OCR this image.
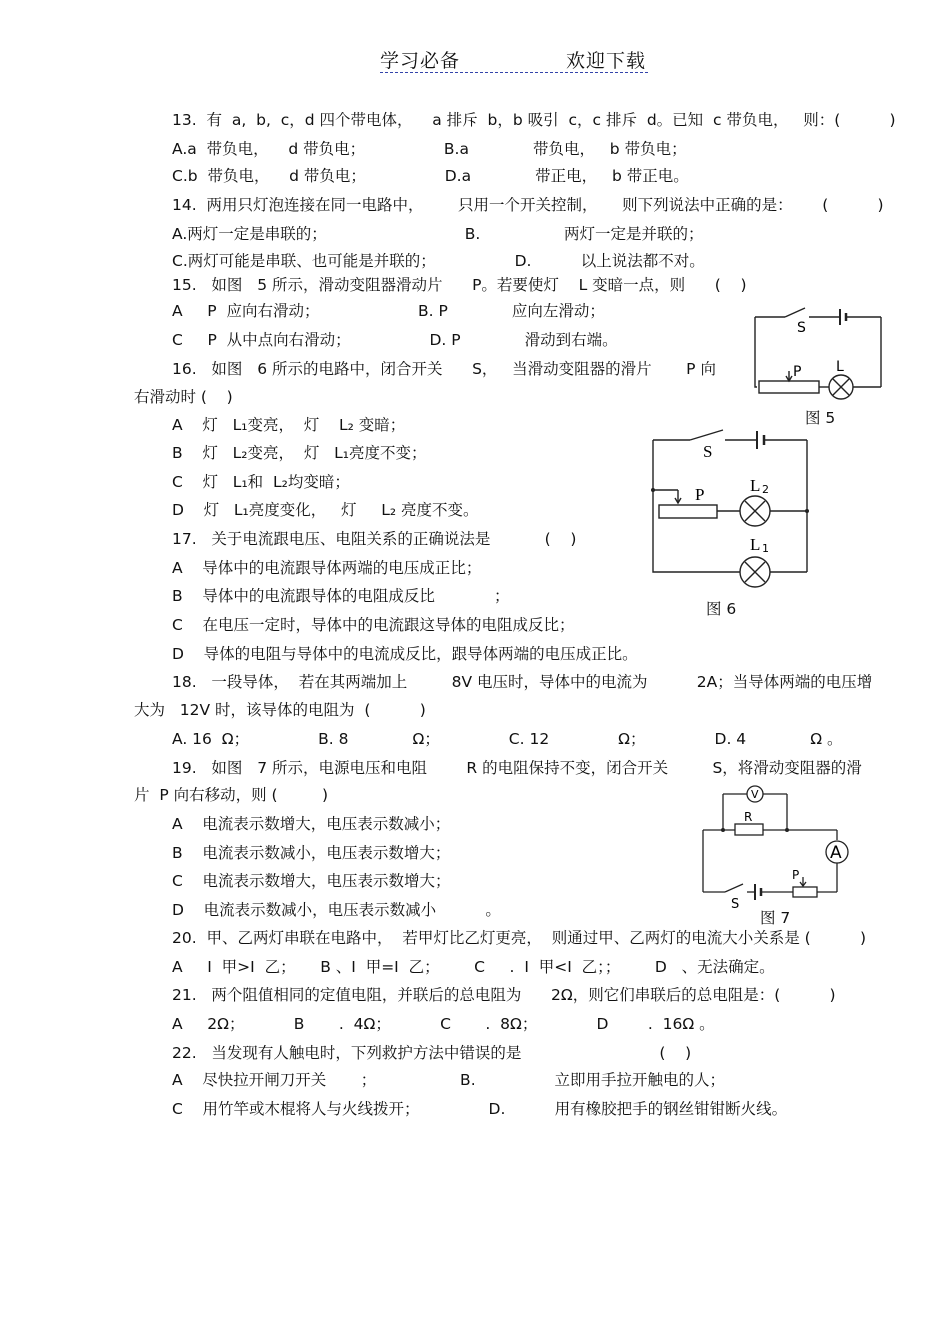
学习必备	欢迎下载
13.  有  a,  b,  c，d 四个带电体，    a 排斥  b，b 吸引  c，c 排斥  d。已知  c 带负电，   则：(          )
A.a  带负电，    d 带负电；                B.a             带负电，   b 带负电；
C.b  带负电，    d 带负电；                D.a             带正电，   b 带正电。
14.  两用只灯泡连接在同一电路中，       只用一个开关控制，     则下列说法中正确的是：      (          )
A.两灯一定是串联的；                            B.                 两灯一定是并联的；
C.两灯可能是串联、也可能是并联的；                D.          以上说法都不对。
15.   如图   5 所示，滑动变阻器滑动片      P。若要使灯    L 变暗一点，则      (    )
A     P  应向右滑动；                    B. P             应向左滑动；
C     P  从中点向右滑动；                D. P             滑动到右端。
16.   如图   6 所示的电路中，闭合开关      S，   当滑动变阻器的滑片       P 向
右滑动时 (    )
A    灯   L₁变亮，  灯    L₂ 变暗；
B    灯   L₂变亮，  灯   L₁亮度不变；
C    灯   L₁和  L₂均变暗；
D    灯   L₁亮度变化，   灯     L₂ 亮度不变。
17.   关于电流跟电压、电阻关系的正确说法是           (    )
A    导体中的电流跟导体两端的电压成正比；
B    导体中的电流跟导体的电阻成反比            ；
C    在电压一定时，导体中的电流跟这导体的电阻成反比；
D    导体的电阻与导体中的电流成反比，跟导体两端的电压成正比。
18.   一段导体，  若在其两端加上         8V 电压时，导体中的电流为          2A；当导体两端的电压增
大为   12V 时，该导体的电阻为  (          )
A. 16  Ω；              B. 8             Ω；              C. 12              Ω；              D. 4             Ω 。
19.   如图   7 所示，电源电压和电阻        R 的电阻保持不变，闭合开关         S，将滑动变阻器的滑
片  P 向右移动，则 (         )
A    电流表示数增大，电压表示数减小；
B    电流表示数减小，电压表示数增大；
C    电流表示数增大，电压表示数增大；
D    电流表示数减小，电压表示数减小          。
20.  甲、乙两灯串联在电路中，  若甲灯比乙灯更亮，  则通过甲、乙两灯的电流大小关系是 (          )
A     I  甲>I  乙；     B 、I  甲=I  乙；       C     .  I  甲<I  乙；；       D   、无法确定。
21.   两个阻值相同的定值电阻，并联后的总电阻为      2Ω，则它们串联后的总电阻是：(          )
A     2Ω；          B       .  4Ω；          C       .  8Ω；            D        .  16Ω 。
22.   当发现有人触电时，下列救护方法中错误的是                            (    )
A    尽快拉开闸刀开关       ；                 B.                立即用手拉开触电的人；
C    用竹竿或木棍将人与火线拨开；              D.          用有橡胶把手的钢丝钳钳断火线。
S
P L
图 5
S
P	L 2
L 1
图 6
V
R
A
S
P
图 7
